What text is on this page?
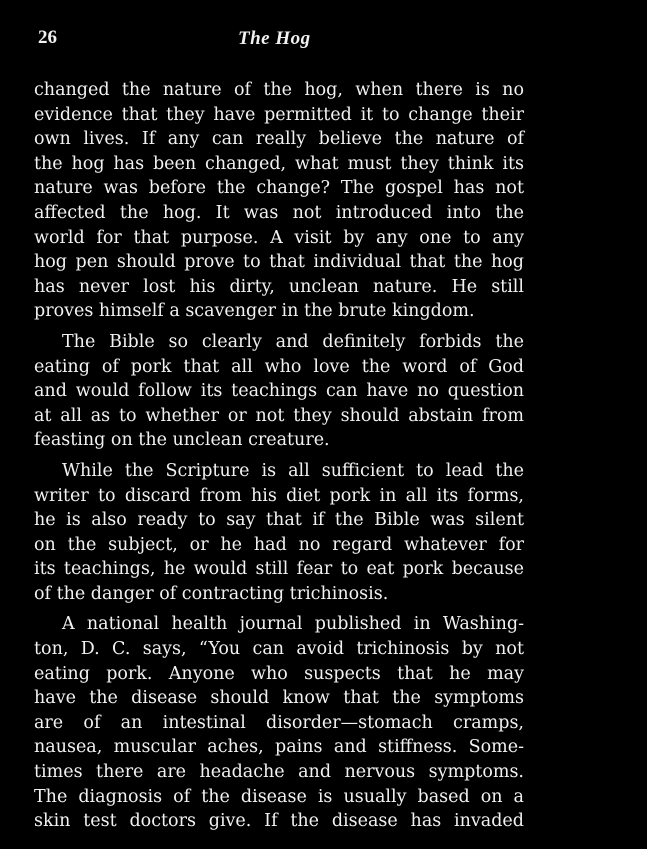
26	The Hog
changed the nature of the hog, when there is no
evidence that they have permitted it to change their
own lives. If any can really believe the nature of
the hog has been changed, what must they think its
nature was before the change? The gospel has not
affected the hog. It was not introduced into the
world for that purpose. A visit by any one to any
hog pen should prove to that individual that the hog
has never lost his dirty, unclean nature. He still
proves himself a scavenger in the brute kingdom.
The Bible so clearly and definitely forbids the
eating of pork that all who love the word of God
and would follow its teachings can have no question
at all as to whether or not they should abstain from
feasting on the unclean creature.
While the Scripture is all sufficient to lead the
writer to discard from his diet pork in all its forms,
he is also ready to say that if the Bible was silent
on the subject, or he had no regard whatever for
its teachings, he would still fear to eat pork because
of the danger of contracting trichinosis.
A national health journal published in Washing-
ton, D. C. says, “You can avoid trichinosis by not
eating pork. Anyone who suspects that he may
have the disease should know that the symptoms
are of an intestinal disorder—stomach cramps,
nausea, muscular aches, pains and stiffness. Some-
times there are headache and nervous symptoms.
The diagnosis of the disease is usually based on a
skin test doctors give. If the disease has invaded
